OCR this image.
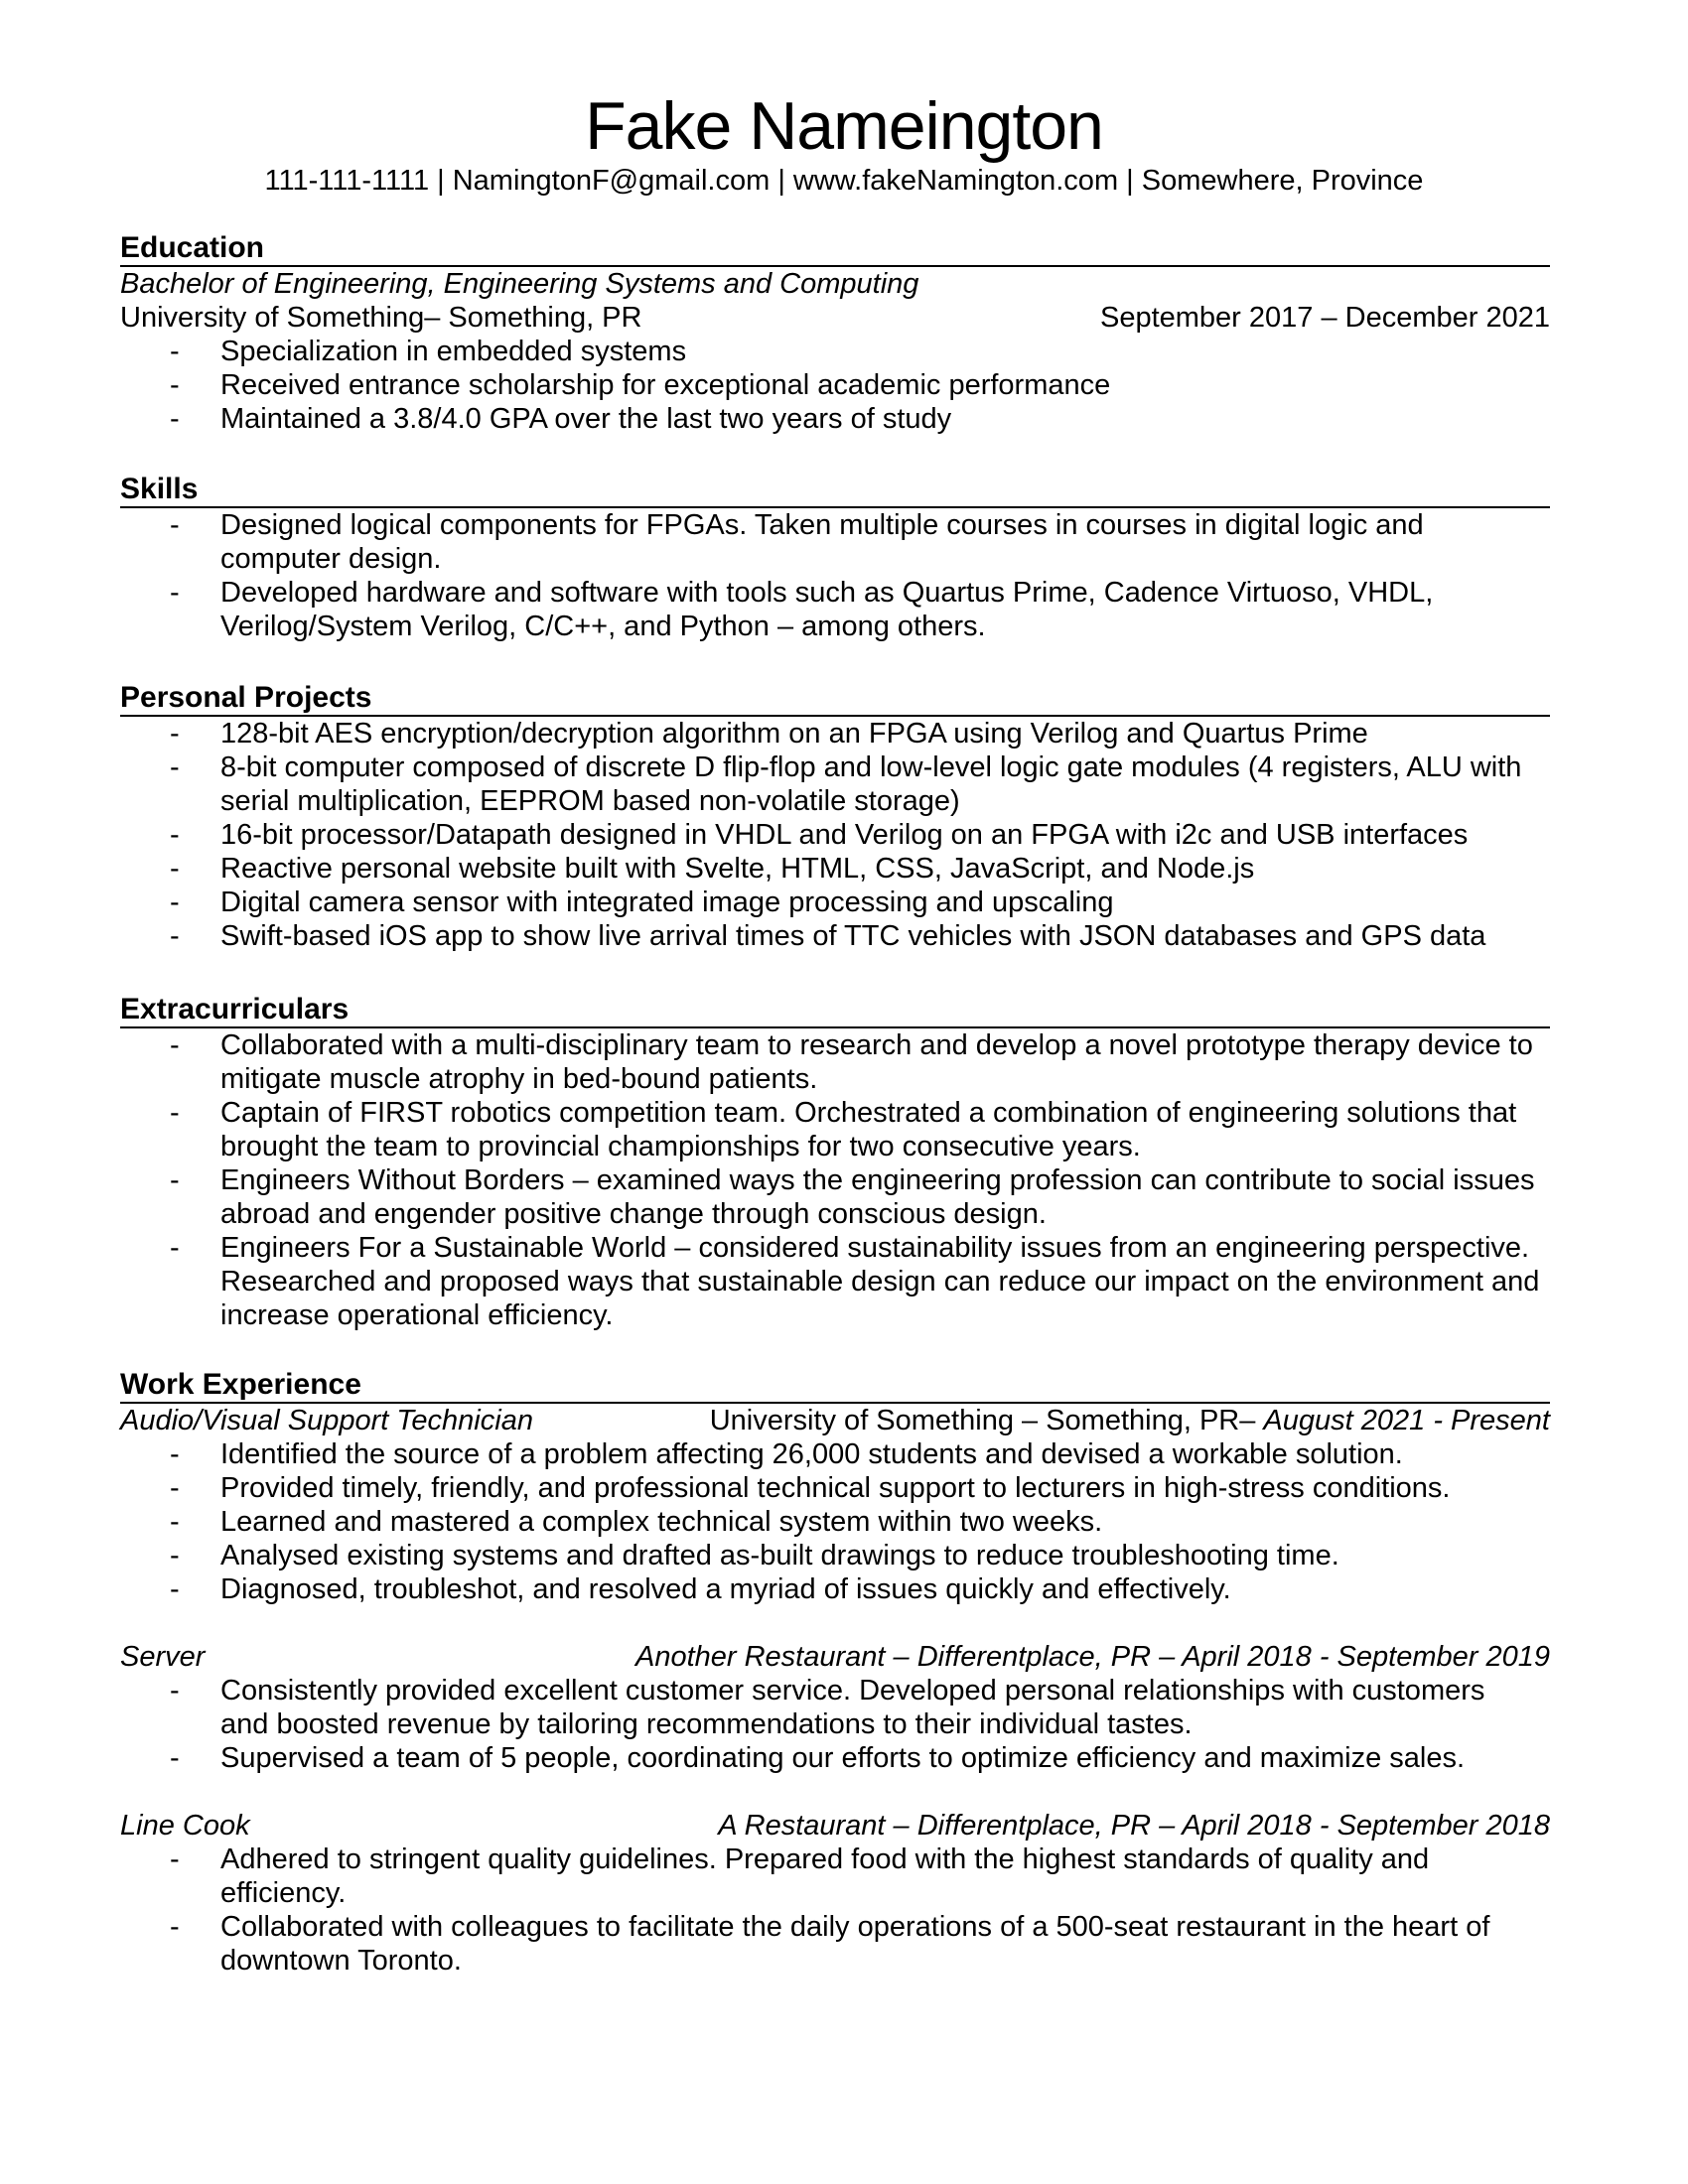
Fake Nameington
111-111-1111 | NamingtonF@gmail.com | www.fakeNamington.com | Somewhere, Province
Education
Bachelor of Engineering, Engineering Systems and Computing
University of Something– Something, PR	September 2017 – December 2021
- Specialization in embedded systems
- Received entrance scholarship for exceptional academic performance
- Maintained a 3.8/4.0 GPA over the last two years of study
Skills
- Designed logical components for FPGAs. Taken multiple courses in courses in digital logic and
computer design.
- Developed hardware and software with tools such as Quartus Prime, Cadence Virtuoso, VHDL,
Verilog/System Verilog, C/C++, and Python – among others.
Personal Projects
- 128-bit AES encryption/decryption algorithm on an FPGA using Verilog and Quartus Prime
- 8-bit computer composed of discrete D flip-flop and low-level logic gate modules (4 registers, ALU with
serial multiplication, EEPROM based non-volatile storage)
- 16-bit processor/Datapath designed in VHDL and Verilog on an FPGA with i2c and USB interfaces
- Reactive personal website built with Svelte, HTML, CSS, JavaScript, and Node.js
- Digital camera sensor with integrated image processing and upscaling
- Swift-based iOS app to show live arrival times of TTC vehicles with JSON databases and GPS data
Extracurriculars
- Collaborated with a multi-disciplinary team to research and develop a novel prototype therapy device to
mitigate muscle atrophy in bed-bound patients.
- Captain of FIRST robotics competition team. Orchestrated a combination of engineering solutions that
brought the team to provincial championships for two consecutive years.
- Engineers Without Borders – examined ways the engineering profession can contribute to social issues
abroad and engender positive change through conscious design.
- Engineers For a Sustainable World – considered sustainability issues from an engineering perspective.
Researched and proposed ways that sustainable design can reduce our impact on the environment and
increase operational efficiency.
Work Experience
Audio/Visual Support Technician	University of Something – Something, PR– August 2021 - Present
- Identified the source of a problem affecting 26,000 students and devised a workable solution.
- Provided timely, friendly, and professional technical support to lecturers in high-stress conditions.
- Learned and mastered a complex technical system within two weeks.
- Analysed existing systems and drafted as-built drawings to reduce troubleshooting time.
- Diagnosed, troubleshot, and resolved a myriad of issues quickly and effectively.
Server	Another Restaurant – Differentplace, PR – April 2018 - September 2019
- Consistently provided excellent customer service. Developed personal relationships with customers
and boosted revenue by tailoring recommendations to their individual tastes.
- Supervised a team of 5 people, coordinating our efforts to optimize efficiency and maximize sales.
Line Cook	A Restaurant – Differentplace, PR – April 2018 - September 2018
- Adhered to stringent quality guidelines. Prepared food with the highest standards of quality and
efficiency.
- Collaborated with colleagues to facilitate the daily operations of a 500-seat restaurant in the heart of
downtown Toronto.
